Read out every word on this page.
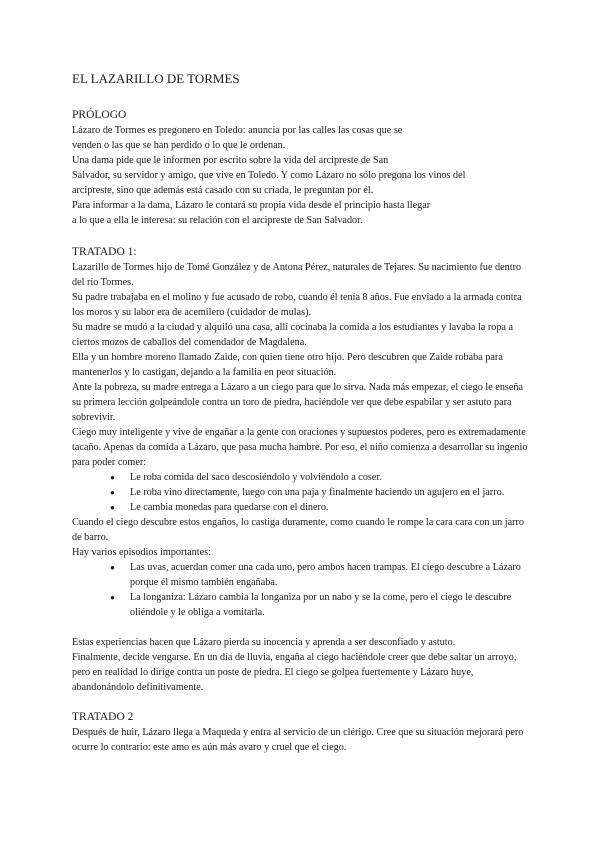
EL LAZARILLO DE TORMES
PRÓLOGO
Lázaro de Tormes es pregonero en Toledo: anuncia por las calles las cosas que se
venden o las que se han perdido o lo que le ordenan.
Una dama pide que le informen por escrito sobre la vida del arcipreste de San
Salvador, su servidor y amigo, que vive en Toledo. Y como Lázaro no sólo pregona los vinos del
arcipreste, sino que además está casado con su criada, le preguntan por él.
Para informar a la dama, Lázaro le contará su propia vida desde el principio hasta llegar
a lo que a ella le interesa: su relación con el arcipreste de San Salvador.
TRATADO 1:

Lazarillo de Tormes hijo de Tomé González y de Antona Pérez, naturales de Tejares. Su nacimiento fue dentro del río Tormes.

Su padre trabajaba en el molino y fue acusado de robo, cuando él tenía 8 años. Fue enviado a la armada contra los moros y su labor era de acemilero (cuidador de mulas).

Su madre se mudó a la ciudad y alquiló una casa, allí cocinaba la comida a los estudiantes y lavaba la ropa a ciertos mozos de caballos del comendador de Magdalena.

Ella y un hombre moreno llamado Zaide, con quien tiene otro hijo. Pero descubren que Zaide robaba para mantenerlos y lo castigan, dejando a la familia en peor situación.

Ante la pobreza, su madre entrega a Lázaro a un ciego para que lo sirva. Nada más empezar, el ciego le enseña su primera lección golpeándole contra un toro de piedra, haciéndole ver que debe espabilar y ser astuto para sobrevivir.

Ciego muy inteligente y vive de engañar a la gente con oraciones y supuestos poderes, pero es extremadamente tacaño. Apenas da comida a Lázaro, que pasa mucha hambre. Por eso, el niño comienza a desarrollar su ingenio para poder comer:

● Le roba comida del saco descosiéndolo y volviéndolo a coser.
● Le roba vino directamente, luego con una paja y finalmente haciendo un agujero en el jarro.
● Le cambia monedas para quedarse con el dinero.

Cuando el ciego descubre estos engaños, lo castiga duramente, como cuando le rompe la cara cara con un jarro de barro.

Hay varios episodios importantes:

● Las uvas, acuerdan comer una cada uno, pero ambos hacen trampas. El ciego descubre a Lázaro porque él mismo también engañaba.
● La longaniza: Lázaro cambia la longaniza por un nabo y se la come, pero el ciego le descubre oliéndole y le obliga a vomitarla.

Estas experiencias hacen que Lázaro pierda su inocencia y aprenda a ser desconfiado y astuto.

Finalmente, decide vengarse. En un día de lluvia, engaña al ciego haciéndole creer que debe saltar un arroyo, pero en realidad lo dirige contra un poste de piedra. El ciego se golpea fuertemente y Lázaro huye, abandonándolo definitivamente.

TRATADO 2

Después de huir, Lázaro llega a Maqueda y entra al servicio de un clérigo. Cree que su situación mejorará pero ocurre lo contrario: este amo es aún más avaro y cruel que el ciego.
